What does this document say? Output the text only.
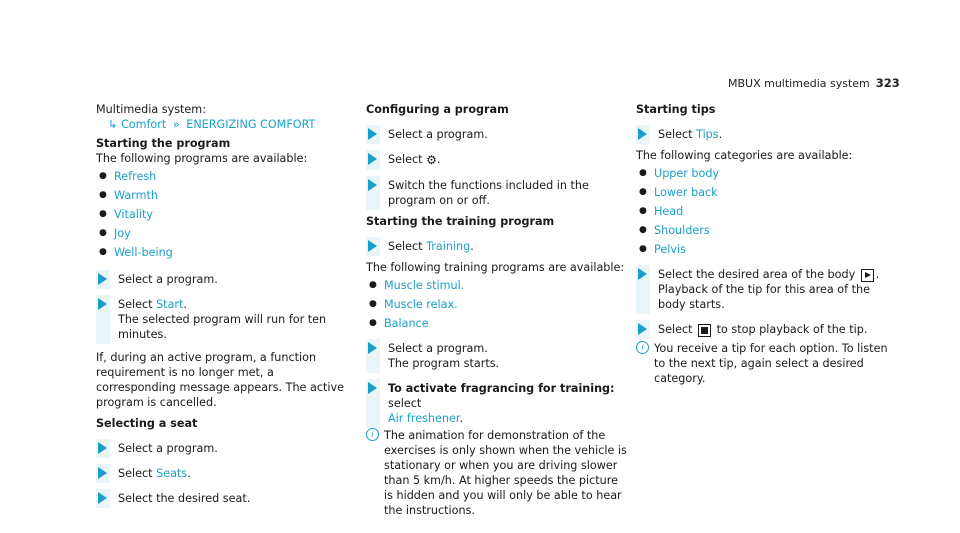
MBUX multimedia system 323
Multimedia system:
↳ Comfort » ENERGIZING COMFORT
Starting the program
The following programs are available:
● Refresh
● Warmth
● Vitality
● Joy
● Well-being
Select a program.
Select Start.
The selected program will run for ten minutes.
If, during an active program, a function requirement is no longer met, a corresponding message appears. The active program is cancelled.
Selecting a seat
Select a program.
Select Seats.
Select the desired seat.
Configuring a program
Select a program.
Select ⚙.
Switch the functions included in the program on or off.
Starting the training program
Select Training.
The following training programs are available:
● Muscle stimul.
● Muscle relax.
● Balance
Select a program.
The program starts.
To activate fragrancing for training: select
Air freshener.
i The animation for demonstration of the exercises is only shown when the vehicle is stationary or when you are driving slower than 5 km/h. At higher speeds the picture is hidden and you will only be able to hear the instructions.
Starting tips
Select Tips.
The following categories are available:
● Upper body
● Lower back
● Head
● Shoulders
● Pelvis
Select the desired area of the body .
Playback of the tip for this area of the body starts.
Select  to stop playback of the tip.
i You receive a tip for each option. To listen to the next tip, again select a desired category.
